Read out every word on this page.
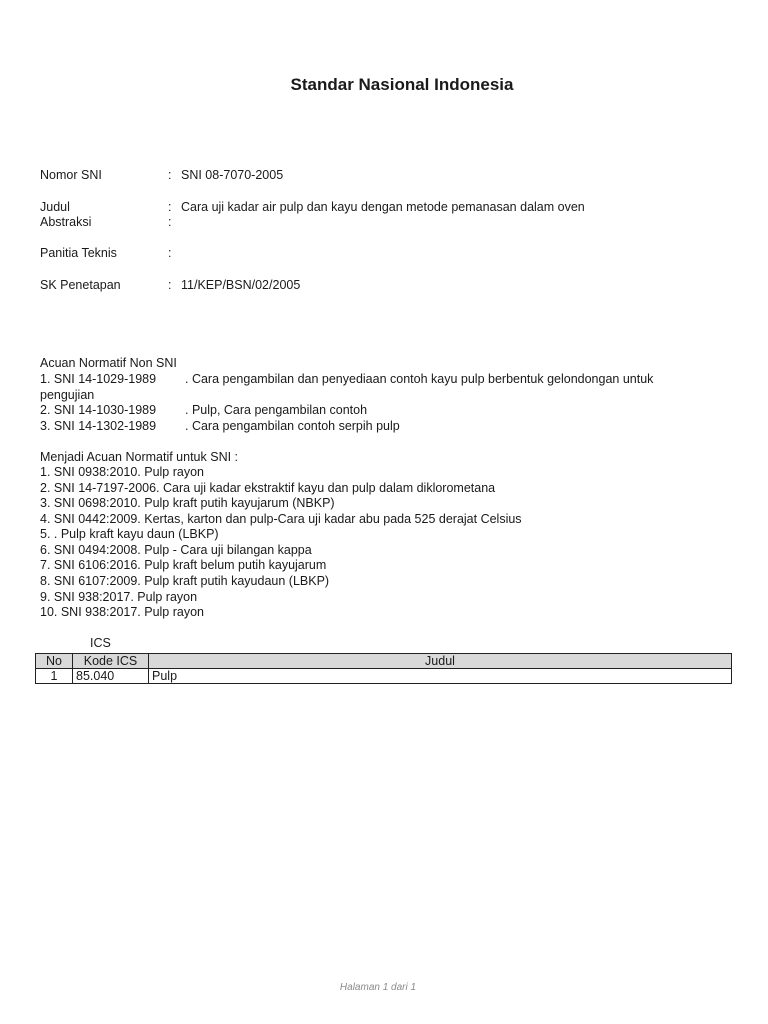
Standar Nasional Indonesia
Nomor SNI	: SNI 08-7070-2005
Judul	: Cara uji kadar air pulp dan kayu dengan metode pemanasan dalam oven
Abstraksi	:
Panitia Teknis	:
SK Penetapan	: 11/KEP/BSN/02/2005
Acuan Normatif Non SNI
1. SNI 14-1029-1989 . Cara pengambilan dan penyediaan contoh kayu pulp berbentuk gelondongan untuk
pengujian
2. SNI 14-1030-1989 . Pulp, Cara pengambilan contoh
3. SNI 14-1302-1989 . Cara pengambilan contoh serpih pulp
Menjadi Acuan Normatif untuk SNI :
1. SNI 0938:2010. Pulp rayon
2. SNI 14-7197-2006. Cara uji kadar ekstraktif kayu dan pulp dalam diklorometana
3. SNI 0698:2010. Pulp kraft putih kayujarum (NBKP)
4. SNI 0442:2009. Kertas, karton dan pulp-Cara uji kadar abu pada 525 derajat Celsius
5. . Pulp kraft kayu daun (LBKP)
6. SNI 0494:2008. Pulp - Cara uji bilangan kappa
7. SNI 6106:2016. Pulp kraft belum putih kayujarum
8. SNI 6107:2009. Pulp kraft putih kayudaun (LBKP)
9. SNI 938:2017. Pulp rayon
10. SNI 938:2017. Pulp rayon
ICS
No	Kode ICS	Judul
1	85.040	Pulp
Halaman 1 dari 1
